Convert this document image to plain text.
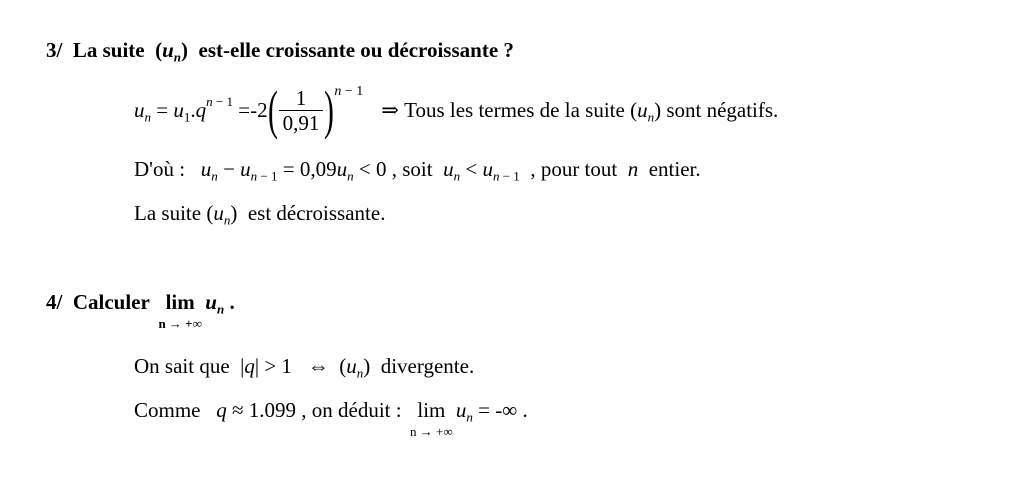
3/ La suite  $(u_n)$  est-elle croissante ou décroissante ?
$u_n = u_1.q^{n - 1} = -2$ ( $\frac{1}{0,91}$ ) n − 1
⇒ Tous les termes de la suite $(u_n)$ sont négatifs.
D'où : $u_n - u_{n - 1} = 0,09u_n < 0$ , soit $u_n < u_{n - 1}$ , pour tout n entier.
La suite $(u_n)$  est décroissante.
4/ Calculer lim
n → +∞
$u_n$ .
On sait que  |q| > 1   ⇔  $(u_n)$  divergente.
Comme q ≈ 1.099 , on déduit : lim
n → +∞
$u_n$ = -∞ .
